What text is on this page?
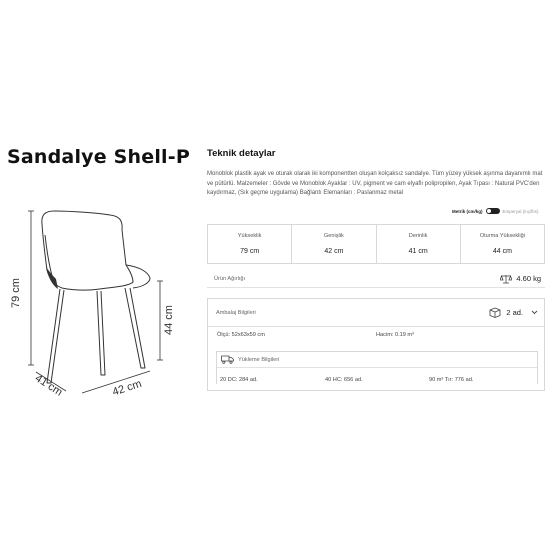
Sandalye Shell-P
79 cm
44 cm
41 cm	42 cm
Teknik detaylar

Monoblok plastik ayak ve oturak olarak iki komponentten oluşan kolçaksız sandalye. Tüm yüzey yüksek aşınma dayanımlı mat ve pütürlü. Malzemeler : Gövde ve Monoblok Ayaklar : UV, pigment ve cam elyaflı polipropilen, Ayak Tıpası : Natural PVC'den kaydırmaz, (Sık geçme uygulama) Bağlantı Elemanları : Paslanmaz metal

Metrik (cm/kg)	Emperyal (inç/lbs)
Yükseklik
79 cm
Genişlik
42 cm
Derinlik
41 cm
Oturma Yüksekliği
44 cm
Ürün Ağırlığı	4.60 kg
Ambalaj Bilgileri	2 ad.
Ölçü: 52x63x59 cm	Hacim: 0.19 m³
Yükleme Bilgileri
20 DC: 284 ad.	40 HC: 656 ad.	90 m³ Tır: 776 ad.
